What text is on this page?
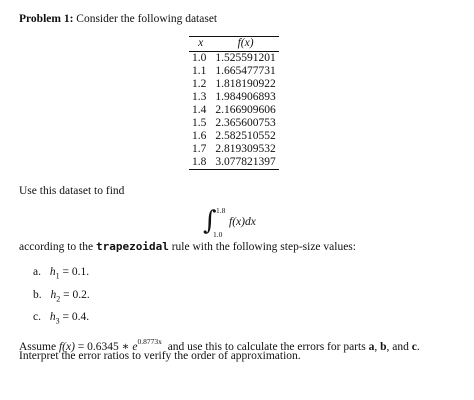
Problem 1: Consider the following dataset
x	f(x)
1.0	1.525591201
1.1	1.665477731
1.2	1.818190922
1.3	1.984906893
1.4	2.166909606
1.5	2.365600753
1.6	2.582510552
1.7	2.819309532
1.8	3.077821397
Use this dataset to find
∫ 1.8
1.0
f(x)dx
according to the trapezoidal rule with the following step-size values:
a. $h_1 = 0.1$.
b. $h_2 = 0.2$.
c. $h_3 = 0.4$.
Assume f(x) = 0.6345 ∗ $e^{0.8773x}$ and use this to calculate the errors for parts a, b, and c.
Interpret the error ratios to verify the order of approximation.
